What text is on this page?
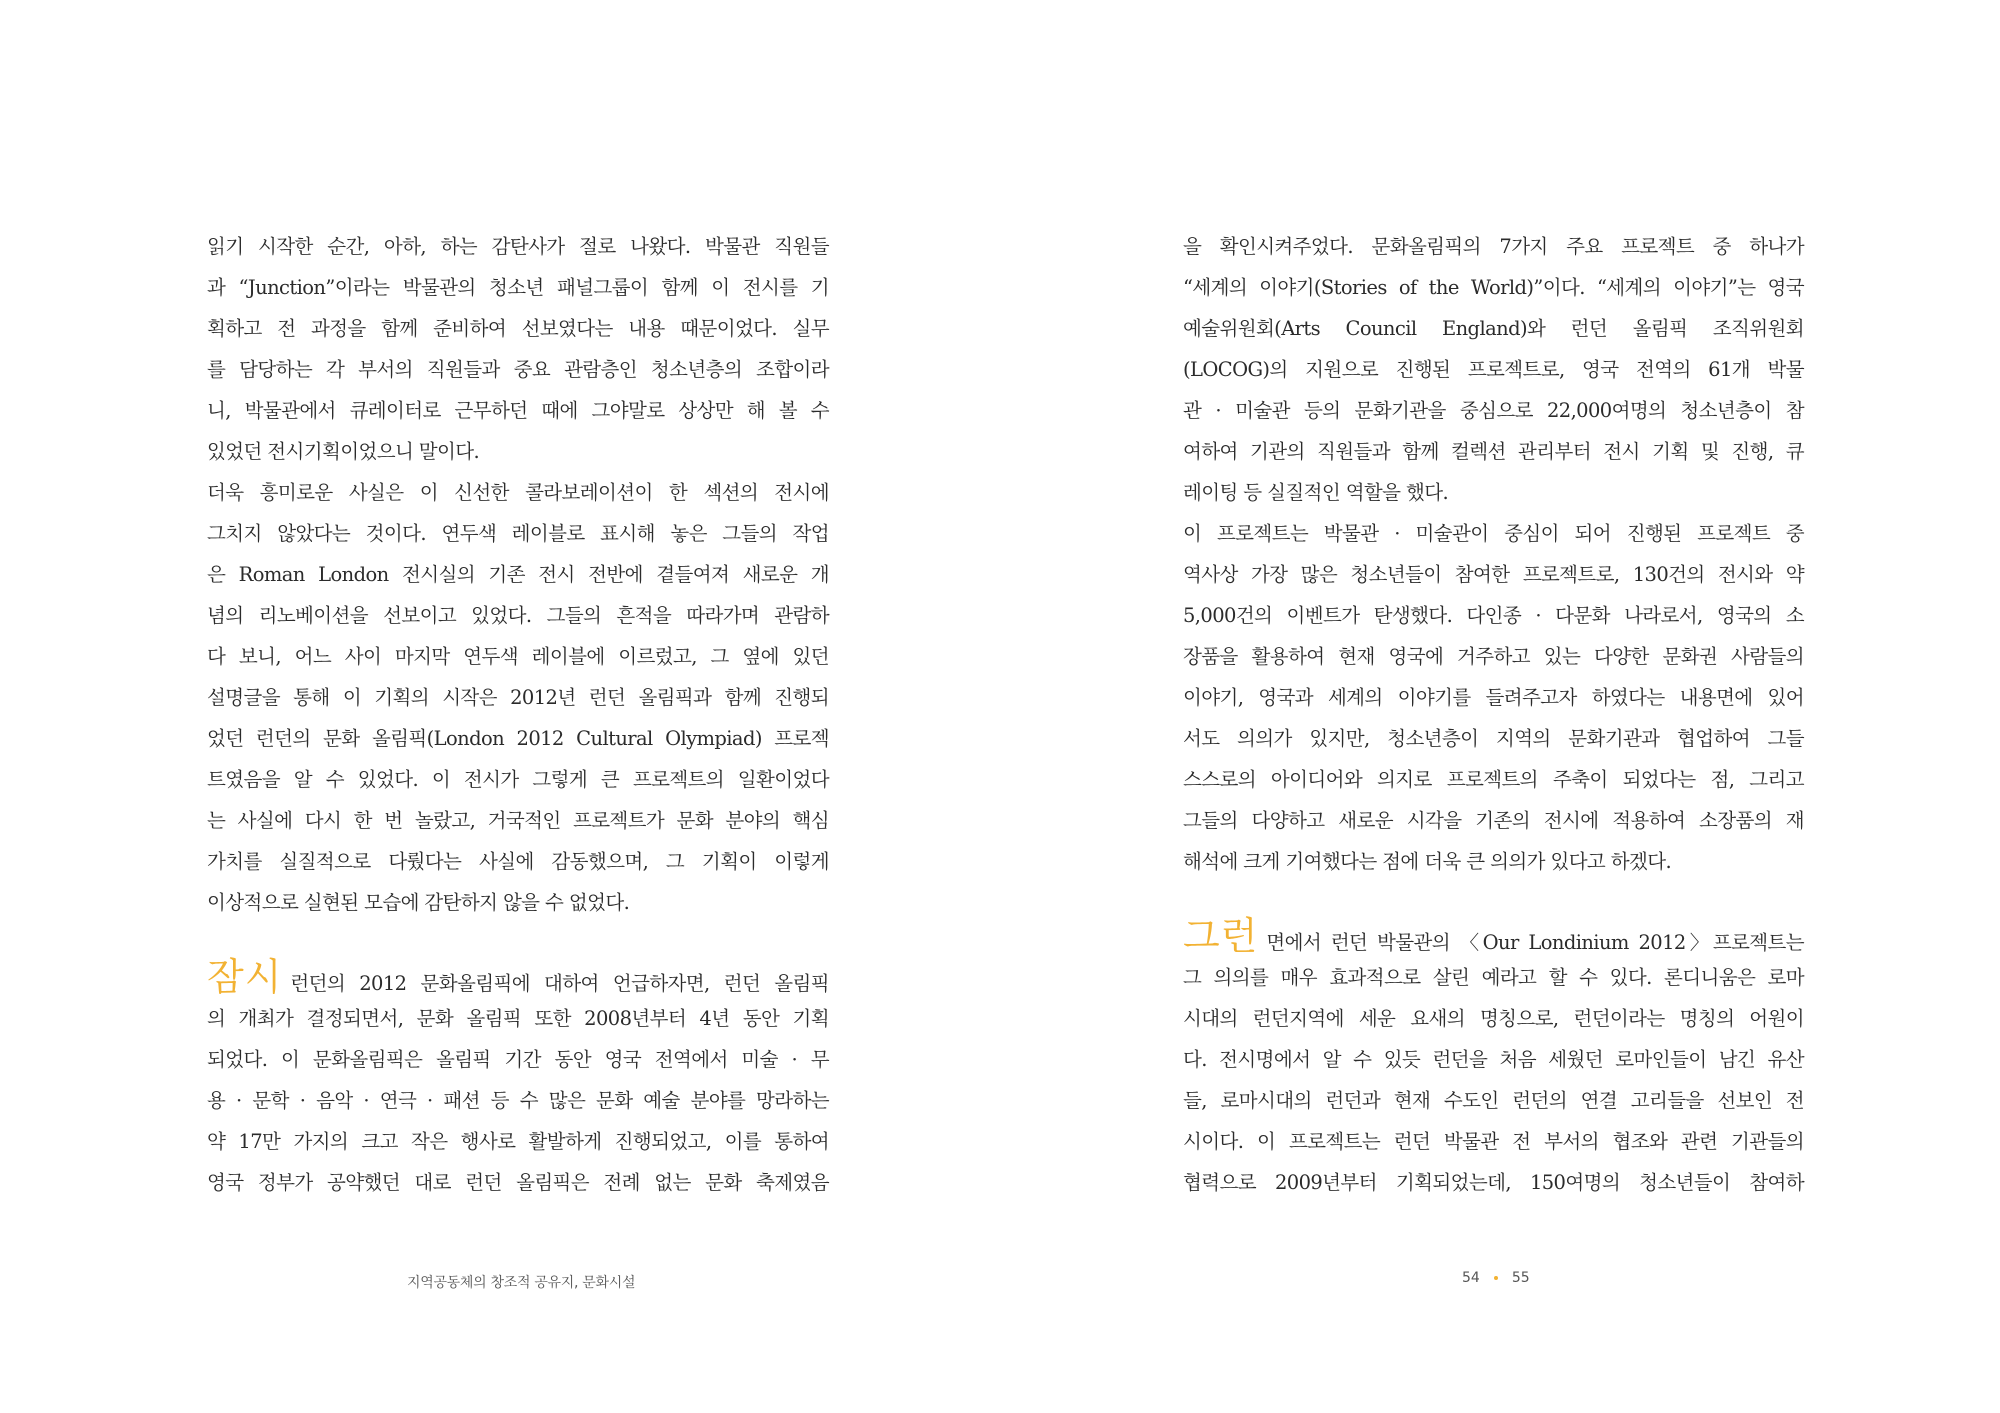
읽기 시작한 순간, 아하, 하는 감탄사가 절로 나왔다. 박물관 직원들
과 “Junction”이라는 박물관의 청소년 패널그룹이 함께 이 전시를 기
획하고 전 과정을 함께 준비하여 선보였다는 내용 때문이었다. 실무
를 담당하는 각 부서의 직원들과 중요 관람층인 청소년층의 조합이라
니, 박물관에서 큐레이터로 근무하던 때에 그야말로 상상만 해 볼 수
있었던 전시기획이었으니 말이다.
더욱 흥미로운 사실은 이 신선한 콜라보레이션이 한 섹션의 전시에
그치지 않았다는 것이다. 연두색 레이블로 표시해 놓은 그들의 작업
은 Roman London 전시실의 기존 전시 전반에 곁들여져 새로운 개
념의 리노베이션을 선보이고 있었다. 그들의 흔적을 따라가며 관람하
다 보니, 어느 사이 마지막 연두색 레이블에 이르렀고, 그 옆에 있던
설명글을 통해 이 기획의 시작은 2012년 런던 올림픽과 함께 진행되
었던 런던의 문화 올림픽(London 2012 Cultural Olympiad) 프로젝
트였음을 알 수 있었다. 이 전시가 그렇게 큰 프로젝트의 일환이었다
는 사실에 다시 한 번 놀랐고, 거국적인 프로젝트가 문화 분야의 핵심
가치를 실질적으로 다뤘다는 사실에 감동했으며, 그 기획이 이렇게
이상적으로 실현된 모습에 감탄하지 않을 수 없었다.
잠시 런던의 2012 문화올림픽에 대하여 언급하자면, 런던 올림픽
의 개최가 결정되면서, 문화 올림픽 또한 2008년부터 4년 동안 기획
되었다. 이 문화올림픽은 올림픽 기간 동안 영국 전역에서 미술 · 무
용 · 문학 · 음악 · 연극 · 패션 등 수 많은 문화 예술 분야를 망라하는
약 17만 가지의 크고 작은 행사로 활발하게 진행되었고, 이를 통하여
영국 정부가 공약했던 대로 런던 올림픽은 전례 없는 문화 축제였음
지역공동체의 창조적 공유지, 문화시설
을 확인시켜주었다. 문화올림픽의 7가지 주요 프로젝트 중 하나가
“세계의 이야기(Stories of the World)”이다. “세계의 이야기”는 영국
예술위원회(Arts Council England)와 런던 올림픽 조직위원회
(LOCOG)의 지원으로 진행된 프로젝트로, 영국 전역의 61개 박물
관 · 미술관 등의 문화기관을 중심으로 22,000여명의 청소년층이 참
여하여 기관의 직원들과 함께 컬렉션 관리부터 전시 기획 및 진행, 큐
레이팅 등 실질적인 역할을 했다.
이 프로젝트는 박물관 · 미술관이 중심이 되어 진행된 프로젝트 중
역사상 가장 많은 청소년들이 참여한 프로젝트로, 130건의 전시와 약
5,000건의 이벤트가 탄생했다. 다인종 · 다문화 나라로서, 영국의 소
장품을 활용하여 현재 영국에 거주하고 있는 다양한 문화권 사람들의
이야기, 영국과 세계의 이야기를 들려주고자 하였다는 내용면에 있어
서도 의의가 있지만, 청소년층이 지역의 문화기관과 협업하여 그들
스스로의 아이디어와 의지로 프로젝트의 주축이 되었다는 점, 그리고
그들의 다양하고 새로운 시각을 기존의 전시에 적용하여 소장품의 재
해석에 크게 기여했다는 점에 더욱 큰 의의가 있다고 하겠다.
그런 면에서 런던 박물관의 〈Our Londinium 2012〉프로젝트는
그 의의를 매우 효과적으로 살린 예라고 할 수 있다. 론디니움은 로마
시대의 런던지역에 세운 요새의 명칭으로, 런던이라는 명칭의 어원이
다. 전시명에서 알 수 있듯 런던을 처음 세웠던 로마인들이 남긴 유산
들, 로마시대의 런던과 현재 수도인 런던의 연결 고리들을 선보인 전
시이다. 이 프로젝트는 런던 박물관 전 부서의 협조와 관련 기관들의
협력으로 2009년부터 기획되었는데, 150여명의 청소년들이 참여하
54 55
